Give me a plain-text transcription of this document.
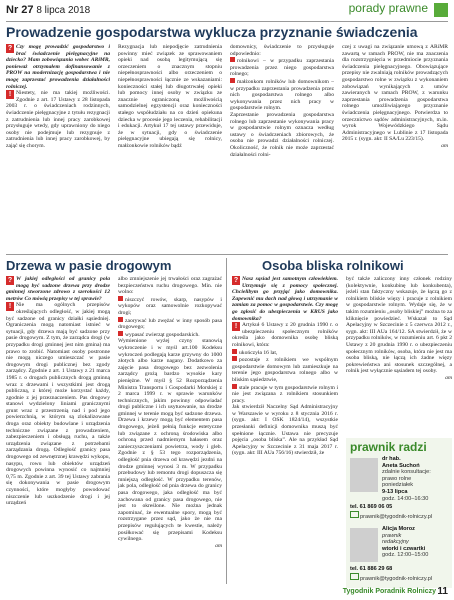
Nr 27 8 lipca 2018	porady prawne
Prowadzenie gospodarstwa wyklucza przyznanie świadczenia
? Czy mogę prowadzić gospodarstwo i brać świadczenie pielęgnacyjne na dziecko? Mam zobowiązania wobec ARiMR, ponieważ otrzymałem dofinansowanie z PROW na modernizację gospodarstwa i nie mogę zaprzestać prowadzenia działalności rolniczej.

! Niestety, nie ma takiej możliwości. Zgodnie z art. 17 Ustawy z 28 listopada 2003 r. o świadczeniach rodzinnych, świadczenie pielęgnacyjne z tytułu rezygnacji z zatrudnienia lub innej pracy zarobkowej przysługuje wtedy, gdy uprawniony do niego osoby nie podejmuje lub rezygnuje z zatrudnienia lub innej pracy zarobkowej, by zająć się chorym.
Rezygnacja lub niepodjęcie zatrudnienia powinny mieć związek ze sprawowaniem opieki nad osobą legitymującą się orzeczeniem o znacznym stopniu niepełnosprawności albo orzeczeniem o niepełnosprawności łącznie ze wskazaniami: konieczności stałej lub długotrwałej opieki lub pomocy innej osoby w związku ze znacznie ograniczoną możliwością samodzielnej egzystencji oraz konieczności stałego współudziału na co dzień opiekuna dziecka w procesie jego leczenia, rehabilitacji i edukacji. Artykuł 17 tej ustawy przewiduje, że w sytuacji, gdy o świadczenie pielęgnacyjne ubiegają się rolnicy, małżonkowie rolników bądź
domownicy, świadczenie to przysługuje odpowiednio:
rolnikowi – w przypadku zaprzestania prowadzenia przez niego gospodarstwa rolnego;
małżonkom rolników lub domownikom – w przypadku zaprzestania prowadzenia przez nich gospodarstwa rolnego albo wykonywania przez nich pracy w gospodarstwie rolnym.
Zaprzestanie prowadzenia gospodarstwa rolnego lub zaprzestanie wykonywania pracy w gospodarstwie rolnym oznacza według ustawy o świadczeniach zbiorowych, że osoba nie prowadzi działalności rolniczej. Okoliczność, że rolnik nie może zaprzestać działalności rolni-
czej z uwagi na związanie umową z ARiMR zawartą w ramach PROW, nie ma znaczenia dla rozstrzygnięcia w przedmiocie przyznania świadczenia pielęgnacyjnego. Obowiązujące przepisy nie zwalniają rolników prowadzących gospodarstwo rolne w związku z wykonaniem zobowiązań wynikających z umów zawieranych w ramach PROW, z warunku zaprzestania prowadzenia gospodarstwa rolnego umożliwiającego przyznanie świadczenia pielęgnacyjnego. Potwierdza to orzecznictwo sądów administracyjnych, m.in. wyrok Wojewódzkiego Sądu Administracyjnego w Lublinie z 17 listopada 2015 r. (sygn. akt: II SA/Lu 223/15).
am
Drzewa w pasie drogowym
? W jakiej odległości od granicy pola mogą być sadzone drzewa przy drodze gminnej stworzone zdrowo z szerokości 12 metrów Co mówią przepisy w tej sprawie?

! Nie ma ogólnych przepisów określających odległość, w jakiej mogą być sadzone od granicy działki sąsiedniej. Ograniczenia mogą natomiast istnieć w sytuacji, gdy drzewa mają być sadzone przy pasie drogowym. Z tym, że zarządca drogi (w przypadku drogi gminnej jest nim gmina) ma prawo to zrobić. Natomiast osoby postronne nie mogą niczego umieszczać w pasie drogowym drogi publicznej bez zgody zarządcy. Zgodnie z art. 1 Ustawy z 21 marca 1985 r. o drogach publicznych drogą gminną wraz z drzewami i wszystkimi jest drogą publiczną, z której może korzystać każdy, zgodnie z jej przeznaczeniem. Pas drogowy stanowi wydzielony liniami granicznymi grunt wraz z przestrzenią nad i pod jego powierzchnią, w którym są zlokalizowane droga oraz obiekty budowlane i urządzenia techniczne związane z prowadzeniem, zabezpieczeniem i obsługą ruchu, a także urządzenia związane z potrzebami zarządzania drogą. Odległość granicy pasa drogowego od zewnętrznej krawędzi wykopu, nasypu, rowu lub obiektów urządzeń drogowych powinna wynosić co najmniej 0,75 m. Zgodnie z art. 39 tej Ustawy zabrania się dokonywania w pasie drogowym czynności, które mogłyby powodować niszczenie lub uszkodzenie drogi i jej urządzeń
albo zmniejszenie jej trwałości oraz zagrażać bezpieczeństwu ruchu drogowego. Min. nie wolno:
niszczyć rowów, skarp, nasypów i wykopów oraz samowolnie rozkopywać drogi;
zaorywać lub zwężać w inny sposób pasa drogowego;
wypasać zwierząt gospodarskich.
Wymienione wyżej czyny stanowią wykroczenie i w myśl art.100 Kodeksu wykroczeń podlegają karze grzywny do 1000 złotych albo karze nagany. Dodatkowo za zajęcie pasa drogowego bez zezwolenia zarządcy grożą bardzo wysokie kary pieniężne. W myśl § 52 Rozporządzenia Ministra Transportu i Gospodarki Morskiej z 2 marca 1999 r. w sprawie warunków technicznych, jakim powinny odpowiadać drogi publiczne i ich usytuowanie, na drodze gminnej w terenie mogą być sadzone drzewa. Drzewa i krzewy mogą być elementem pasa drogowego, jeżeli pełnią funkcje estetyczne lub związane z ochroną środowiska albo ochroną przed nadmiernym hałasem oraz zanieczyszczeniami powietrza, wody i gleb. Zgodnie z § 53 tego rozporządzenia, odległość pnia drzewa od krawędzi jezdni na drodze gminnej wynosi 3 m. W przypadku przebudowy lub remontu drogi dopuszcza się mniejszą odległość. W przypadku terenów, jak pola, odległość od pnia drzewa do granicy pasa drogowego, jaka odległość ma być zachowana od granicy pasa drogowego, nie jest to określone. Nie można jednak zapominać, że ewentualne spory, mogą być rozstrzygane przez sąd, jako że nie ma przepisów regulujących te kwestie, należy posiłkować się przepisami Kodeksu cywilnego.
am
Osoba bliska rolnikowi
? Nasz sąsiad jest samotnym człowiekiem. Utrzymuje się z pomocy społecznej. Chcielibym go przyjąć jako domownika. Zapewnić mu dach nad głową i utrzymanie w zamian za pomoc w gospodarstwie. Czy mogę go zgłosić do ubezpieczenia w KRUS jako domownika?

! Artykuł 6 Ustawy z 20 grudnia 1990 r. o ubezpieczeniu społecznym rolników określa jako domownika osobę bliską rolnikowi, która:
ukończyła 16 lat,
pozostaje z rolnikiem we wspólnym gospodarstwie domowym lub zamieszkuje na terenie jego gospodarstwa rolnego albo w bliskim sąsiedztwie,
stale pracuje w tym gospodarstwie rolnym i nie jest związana z rolnikiem stosunkiem pracy.
Jak stwierdził Naczelny Sąd Administracyjny w Warszawie w wyroku z 8 stycznia 2016 r. (sygn. akt: I OSK 1824/14), wszystkie przesłanki definicji domownika muszą być spełnione łącznie. Ustawa nie precyzuje pojęcia „osoba bliska”. Ale na przykład Sąd Apelacyjny w Szczecinie z 31 maja 2017 r. (sygn. akt: III AUa 756/16) stwierdził, że
być także zaliczony inny członek rodziny (kolektywnie, konkubinę lub konkubenta), jeżeli stan faktyczny wskazuje, że łączą go z rolnikiem bliskie więzy i pracuje z rolnikiem w gospodarstwie rolnym. Wydaje się, że w takim rozumieniu „osoby bliskiej” można to za kliknięcie powiedzieć. Wskazał to Sąd Apelacyjny w Szczecinie z 5 czerwca 2012 r., sygn. akt: III AUa 164/12. SA stwierdził, że w przypadku rolników, w rozumieniu art. 6 pkt 2 Ustawy z 20 grudnia 1990 r. o ubezpieczeniu społecznym rolników, osoba, która nie jest ma osoba bliską, nie łączą ich żadne więzy pokrewieństwa ani stosunek szczególnej, a rolnik jest wyłącznie sąsiadem tej osoby.
am
prawnik radzi
dr hab.
Aneta Suchoń
zdalnie konsultacje:
prawo rolne
poniedziałek
9-13 lipca
godz. 14:00–16:30
tel. 61 869 06 05
prawnik@tygodnik-rolniczy.pl
Alicja Moroz
prawnik
redakcyjny
wtorki i czwartki
godz. 12:00–15:00
tel. 61 886 29 68
prawnik@tygodnik-rolniczy.pl
Tygodnik Poradnik Rolniczy 11
